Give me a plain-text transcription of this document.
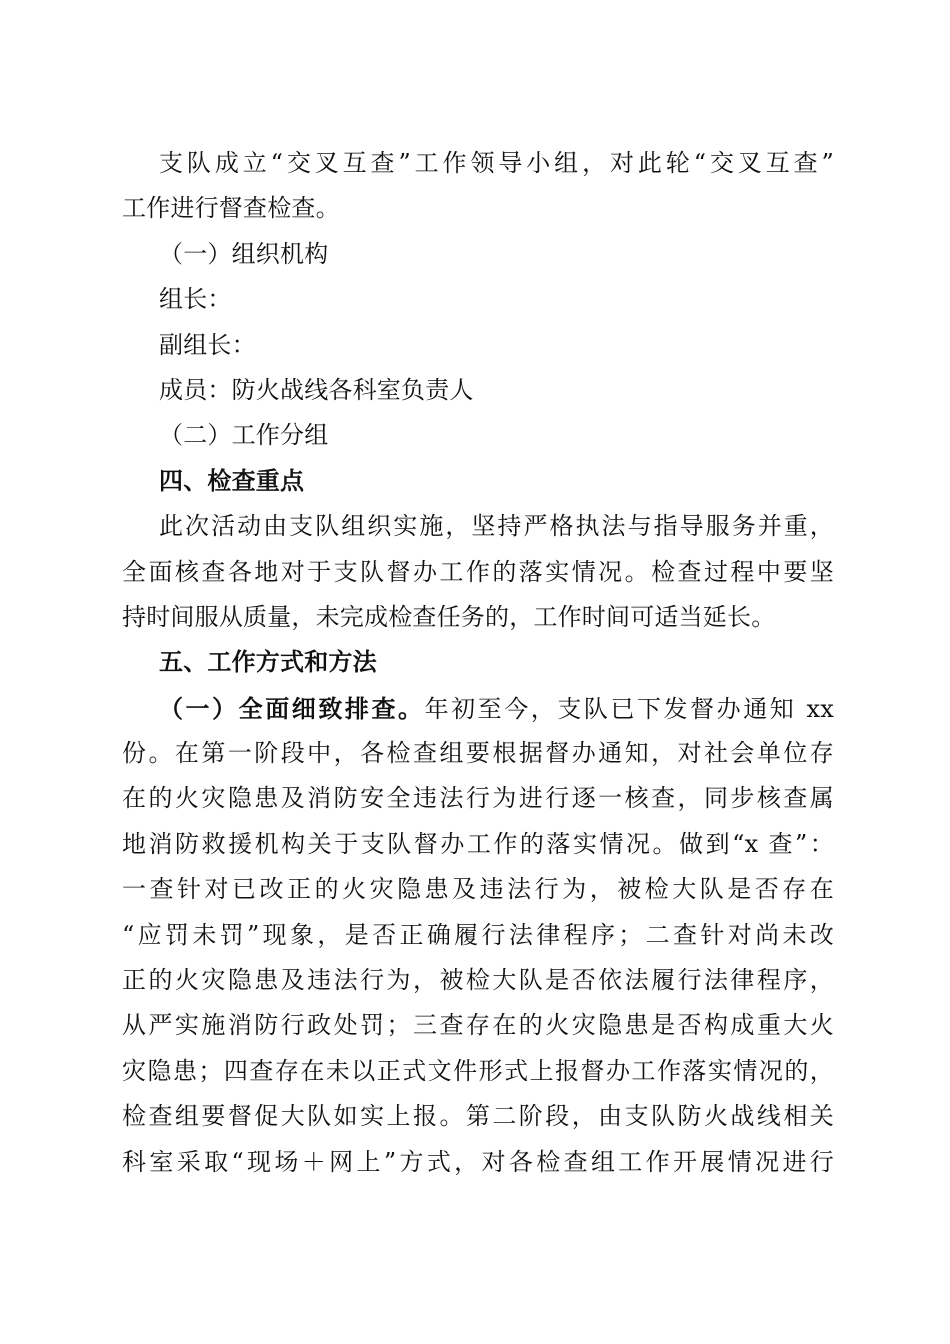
支队成立“交叉互查”工作领导小组，对此轮“交叉互查”
工作进行督查检查。
（一）组织机构
组长：
副组长：
成员：防火战线各科室负责人
（二）工作分组
四、检查重点
此次活动由支队组织实施，坚持严格执法与指导服务并重，
全面核查各地对于支队督办工作的落实情况。检查过程中要坚
持时间服从质量，未完成检查任务的，工作时间可适当延长。
五、工作方式和方法
（一）全面细致排查。年初至今，支队已下发督办通知 xx
份。在第一阶段中，各检查组要根据督办通知，对社会单位存
在的火灾隐患及消防安全违法行为进行逐一核查，同步核查属
地消防救援机构关于支队督办工作的落实情况。做到“x 查”：
一查针对已改正的火灾隐患及违法行为，被检大队是否存在
“应罚未罚”现象，是否正确履行法律程序；二查针对尚未改
正的火灾隐患及违法行为，被检大队是否依法履行法律程序，
从严实施消防行政处罚；三查存在的火灾隐患是否构成重大火
灾隐患；四查存在未以正式文件形式上报督办工作落实情况的，
检查组要督促大队如实上报。第二阶段，由支队防火战线相关
科室采取“现场＋网上”方式，对各检查组工作开展情况进行
